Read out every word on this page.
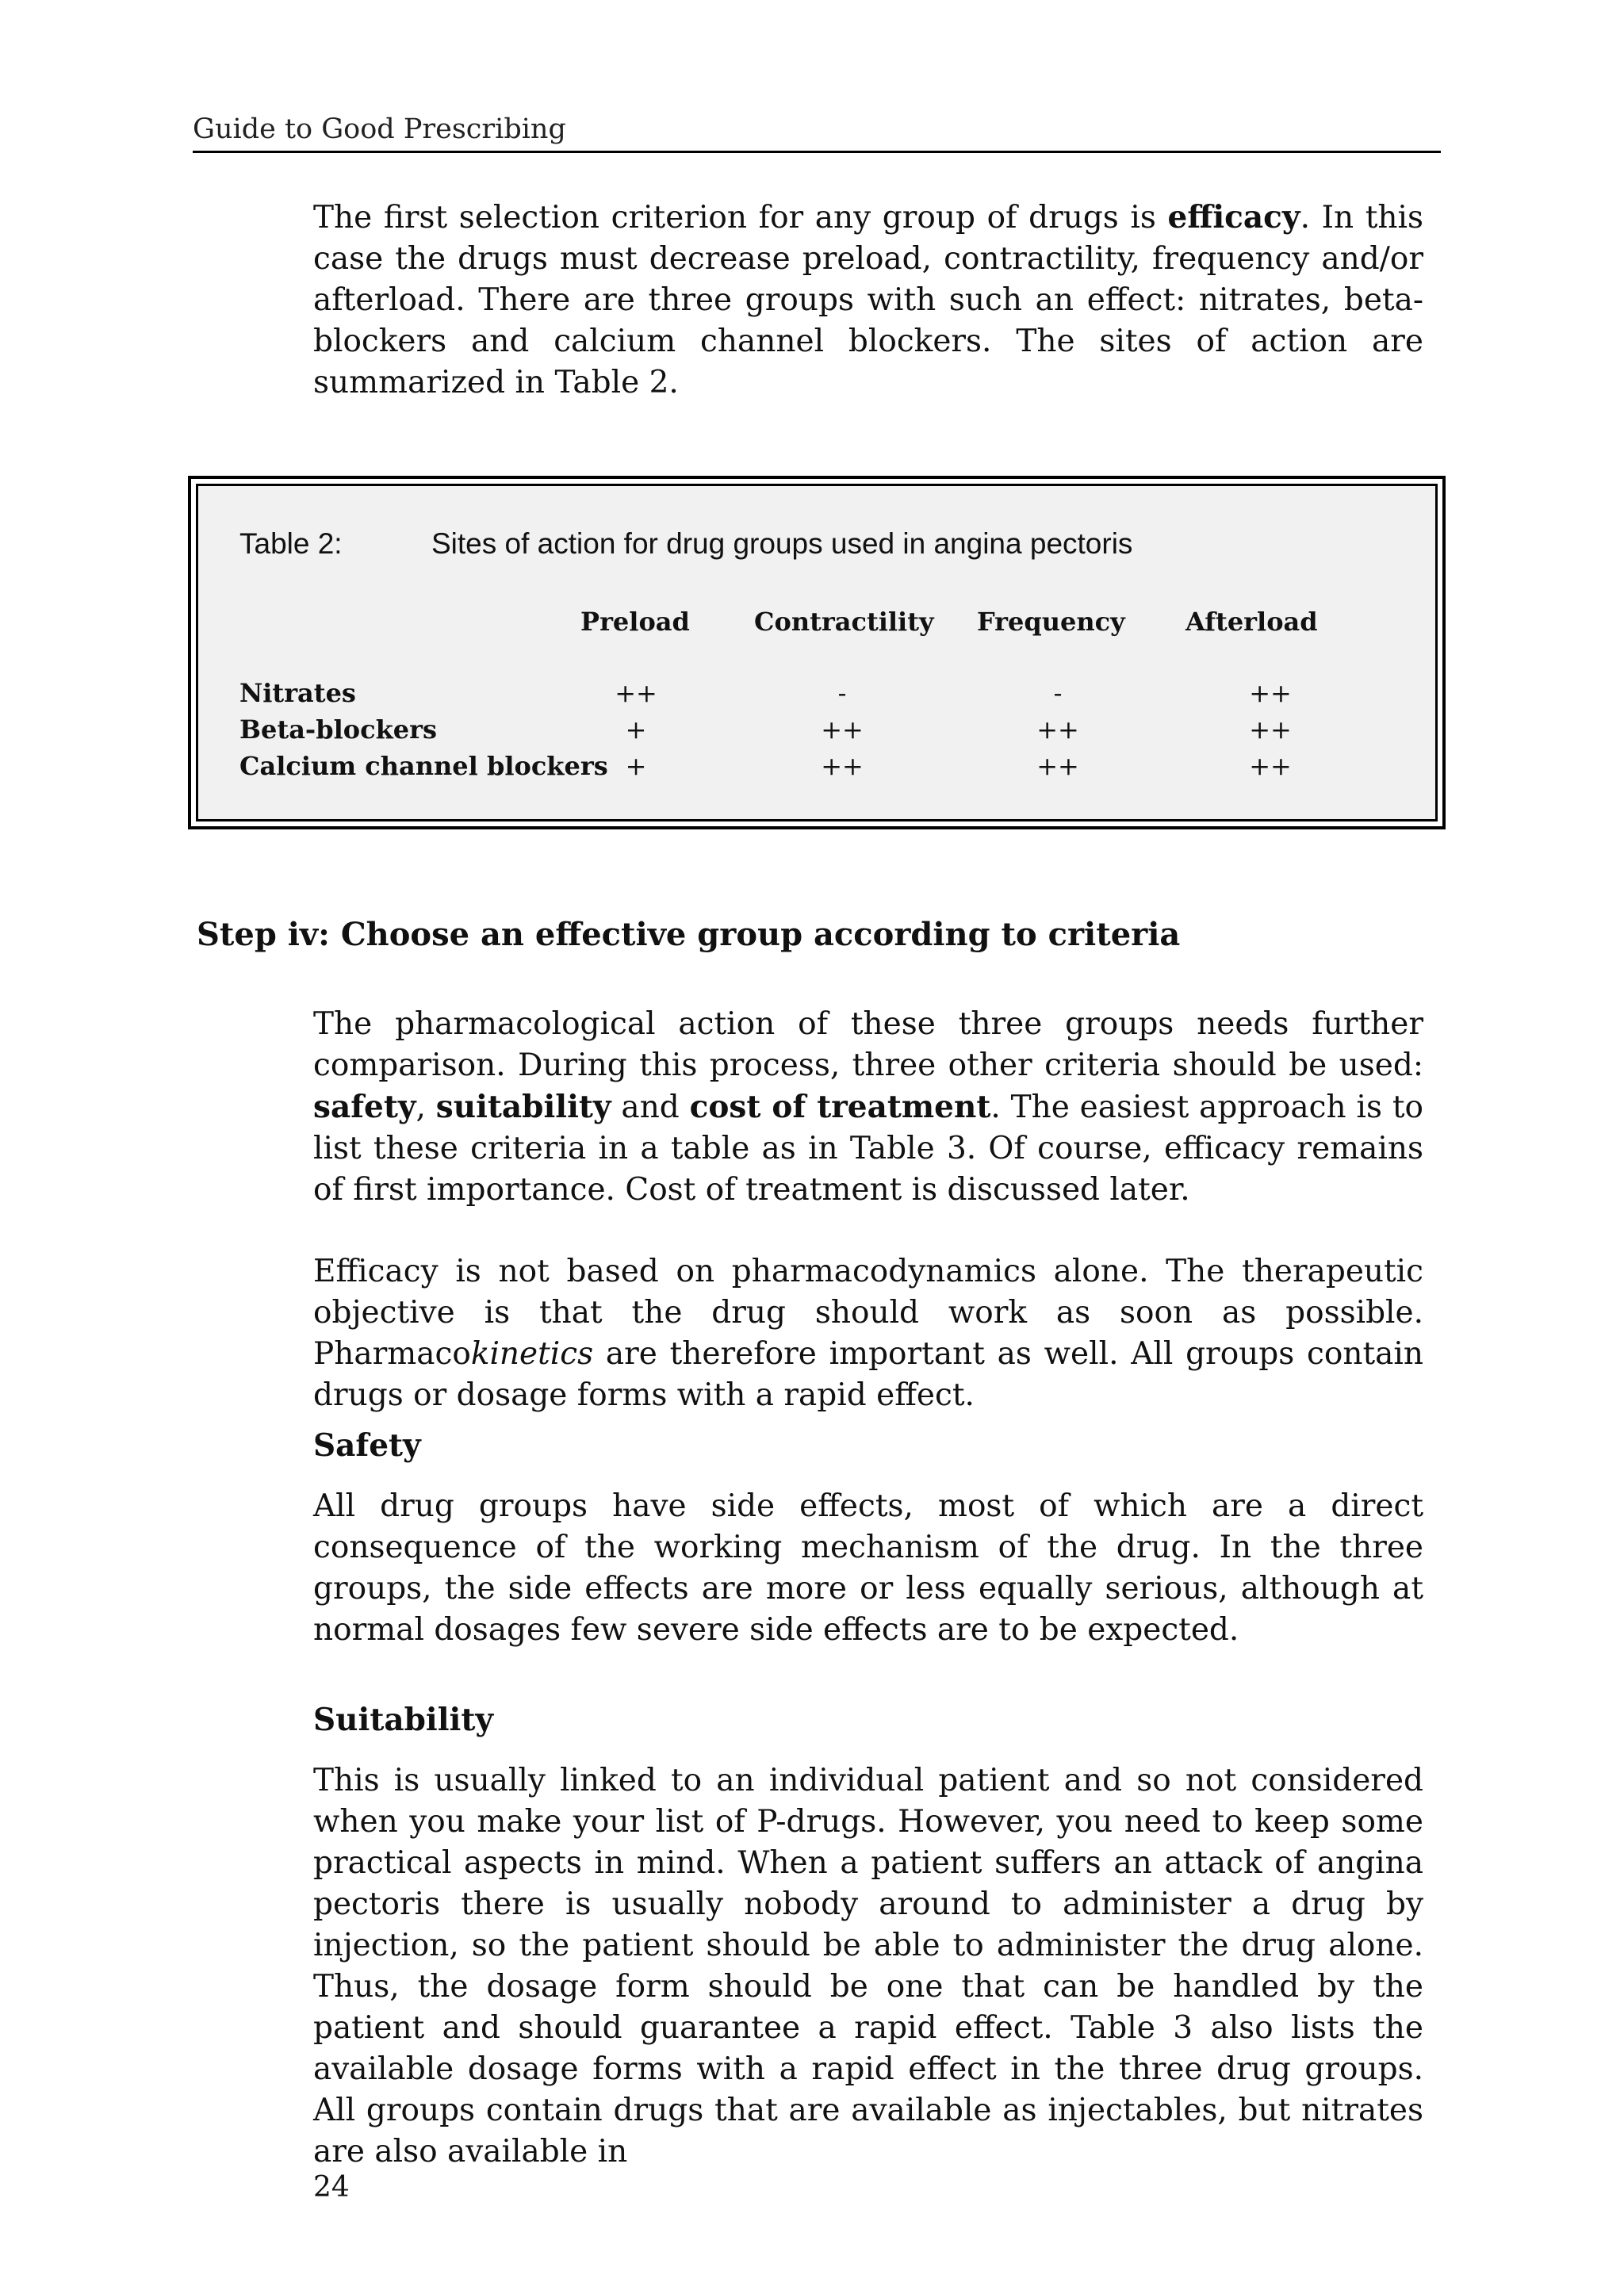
Guide to Good Prescribing

The first selection criterion for any group of drugs is efficacy. In this case the drugs must decrease preload, contractility, frequency and/or afterload. There are three groups with such an effect: nitrates, beta-blockers and calcium channel blockers. The sites of action are summarized in Table 2.

Table 2:	Sites of action for drug groups used in angina pectoris
Preload	Contractility Frequency Afterload
Nitrates	++	-	-	++
Beta-blockers	+	++	++	++
Calcium channel blockers +	++	++	++
Step iv: Choose an effective group according to criteria

The pharmacological action of these three groups needs further comparison. During this process, three other criteria should be used: safety, suitability and cost of treatment. The easiest approach is to list these criteria in a table as in Table 3. Of course, efficacy remains of first importance. Cost of treatment is discussed later.

Efficacy is not based on pharmacodynamics alone. The therapeutic objective is that the drug should work as soon as possible. Pharmacokinetics are therefore important as well. All groups contain drugs or dosage forms with a rapid effect.

Safety

All drug groups have side effects, most of which are a direct consequence of the working mechanism of the drug. In the three groups, the side effects are more or less equally serious, although at normal dosages few severe side effects are to be expected.

Suitability

This is usually linked to an individual patient and so not considered when you make your list of P-drugs. However, you need to keep some practical aspects in mind. When a patient suffers an attack of angina pectoris there is usually nobody around to administer a drug by injection, so the patient should be able to administer the drug alone. Thus, the dosage form should be one that can be handled by the patient and should guarantee a rapid effect. Table 3 also lists the available dosage forms with a rapid effect in the three drug groups. All groups contain drugs that are available as injectables, but nitrates are also available in

24
